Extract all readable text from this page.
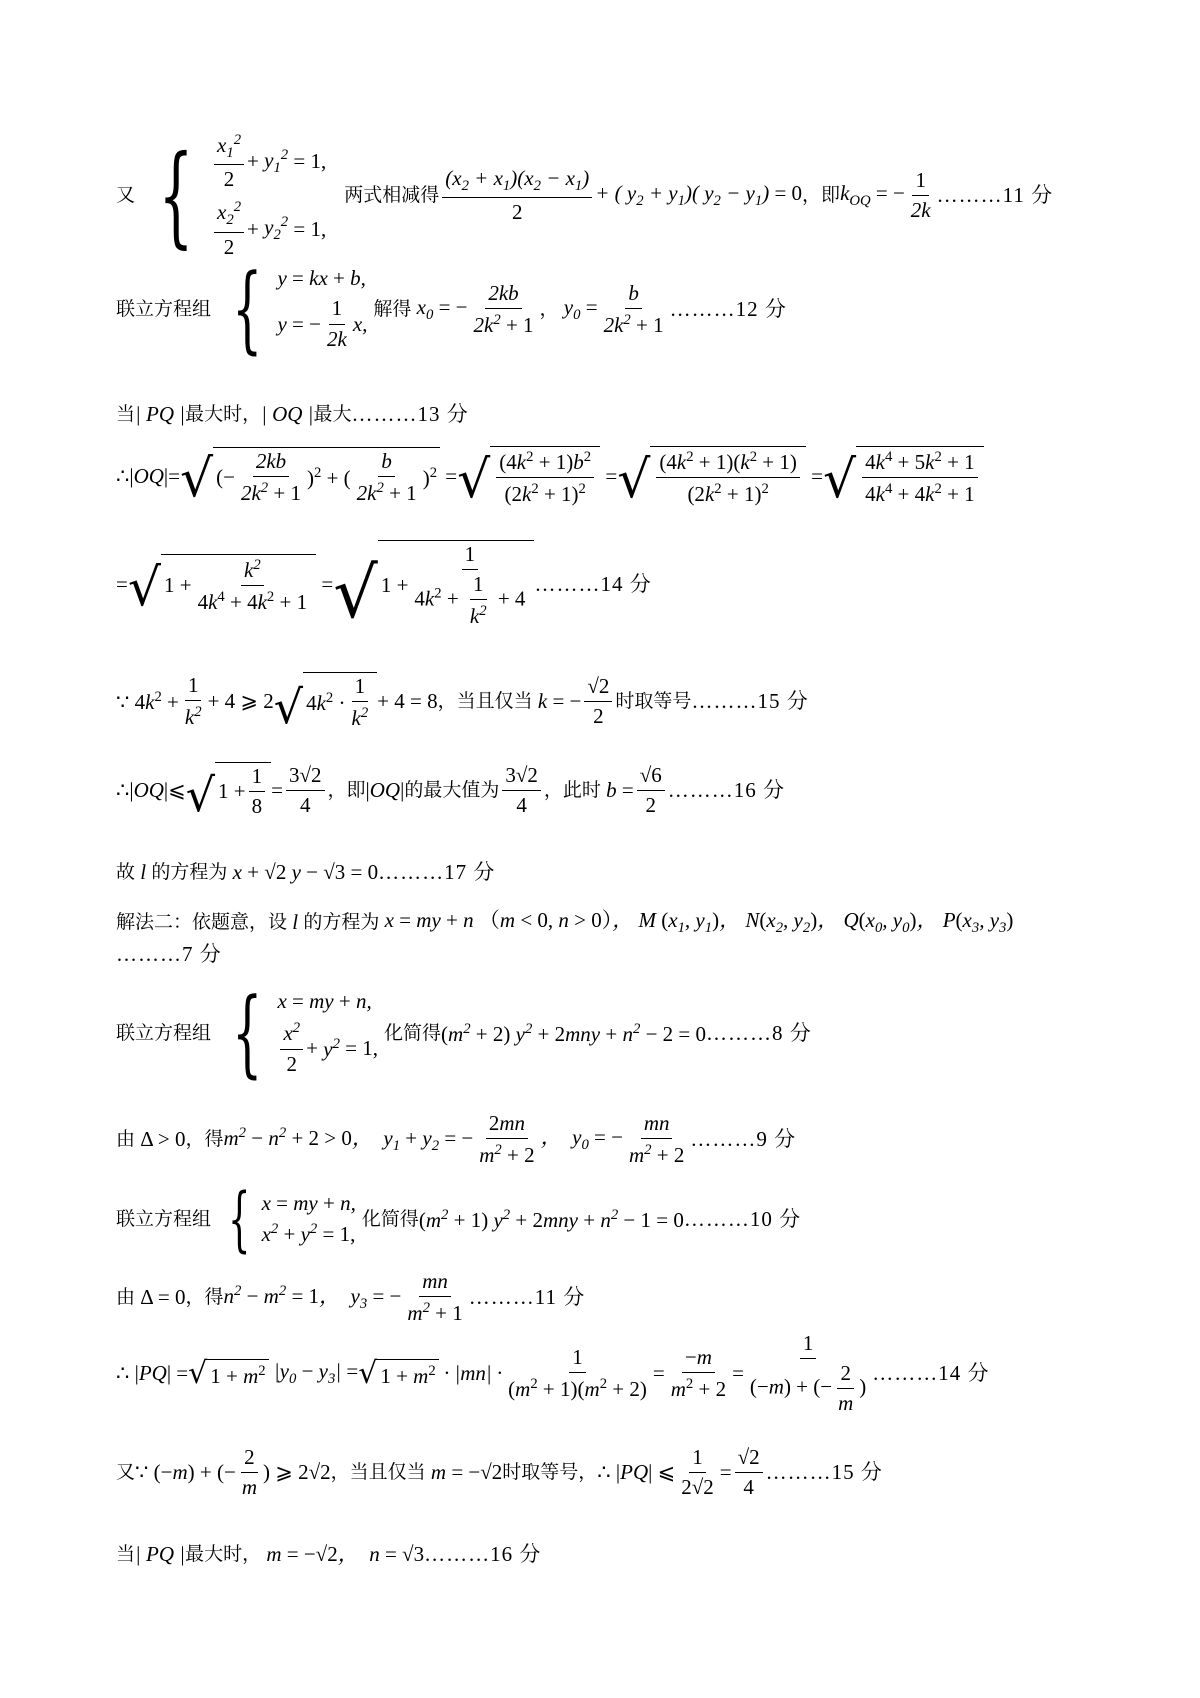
又 { $\frac{x_1^2}{2} + y_1^2 = 1$,
$\frac{x_2^2}{2} + y_2^2 = 1$,
两式相减得 $\frac{(x_2 + x_1)(x_2 - x_1)}{2}$ + ( $y_2 + y_1$)( $y_2 - y_1) = 0$ ，即 $k_{OQ}$ = − $\frac{1}{2k}$ ………11 分
联立方程组 { y = kx + b,
y = − $\frac{1}{2k} x$,
解得 $x_0$ = − $\frac{2kb}{2k^2 + 1}$ ， $y_0 = \frac{b}{2k^2 + 1}$ ………12 分
当 | PQ | 最大时， | OQ | 最大 ………13 分
∴| OQ |= √ (− $\frac{2kb}{2k^2 + 1} )^2$ + ( $\frac{b}{2k^2 + 1} )^2$ = √ $\frac{(4k^2 + 1)b^2}{(2k^2 + 1)^2}$ = √ $\frac{(4k^2 + 1)(k^2 + 1)}{(2k^2 + 1)^2}$ = √ $\frac{4k^4 + 5k^2 + 1}{4k^4 + 4k^2 + 1}$
= √ $1 + \frac{k^2}{4k^4 + 4k^2 + 1}$ = √ $1 + \frac{1}{4k^2 + \frac{1}{k^2} + 4}$ ………14 分
∵ $4k^2 + \frac{1}{k^2} + 4$ ⩾ 2 √ $4k^2 \cdot \frac{1}{k^2} + 4 = 8$ ，当且仅当 k = − $\frac{√2}{2}$ 时取等号 ………15 分
∴| OQ |⩽ √ $1 + \frac{1}{8} = \frac{3√2}{4}$ ，即 | OQ | 的最大值为 $\frac{3√2}{4}$ ，此时 $b = \frac{√6}{2}$ ………16 分
故 l 的方程为 x + √2 y − √3 = 0 ………17 分
解法二：依题意，设 l 的方程为 x = my + n （m < 0, n > 0）， M ($x_1$, $y_1$)， $N(x_2$, $y_2$)， $Q(x_0$, $y_0$)， $P(x_3$, $y_3$)
………7 分
联立方程组 { x = my + n,
$\frac{x^2}{2} + y^2 = 1$,
化简得 $(m^2 + 2) y^2 + 2mny + n^2 - 2 = 0$ ………8 分
由 Δ > 0 ，得 $m^2 - n^2 + 2 > 0$，  $y_1 + y_2$ = − $\frac{2mn}{m^2 + 2}$ ，  $y_0$ = − $\frac{mn}{m^2 + 2}$ ………9 分
联立方程组 { x = my + n,
$x^2 + y^2 = 1$,
化简得 $(m^2 + 1) y^2 + 2mny + n^2 - 1 = 0$ ………10 分
由 Δ = 0 ，得 $n^2 - m^2 = 1$，  $y_3$ = − $\frac{mn}{m^2 + 1}$ ………11 分
∴ | PQ | = √ $1 + m^2$ $|y_0 - y_3|$ = √ $1 + m^2 \cdot |mn| \cdot \frac{1}{(m^2 + 1)(m^2 + 2)} = \frac{-m}{m^2 + 2} = \frac{1}{(-m) + (- \frac{2}{m} )}$ ………14 分
又 ∵ (−m) + (− $\frac{2}{m}$ ) ⩾ 2√2 ，当且仅当 m = −√2 时取等号， ∴ | PQ | ⩽ $\frac{1}{2√2} = \frac{√2}{4}$ ………15 分
当 | PQ | 最大时， m = −√2，  n = √3 ………16 分
